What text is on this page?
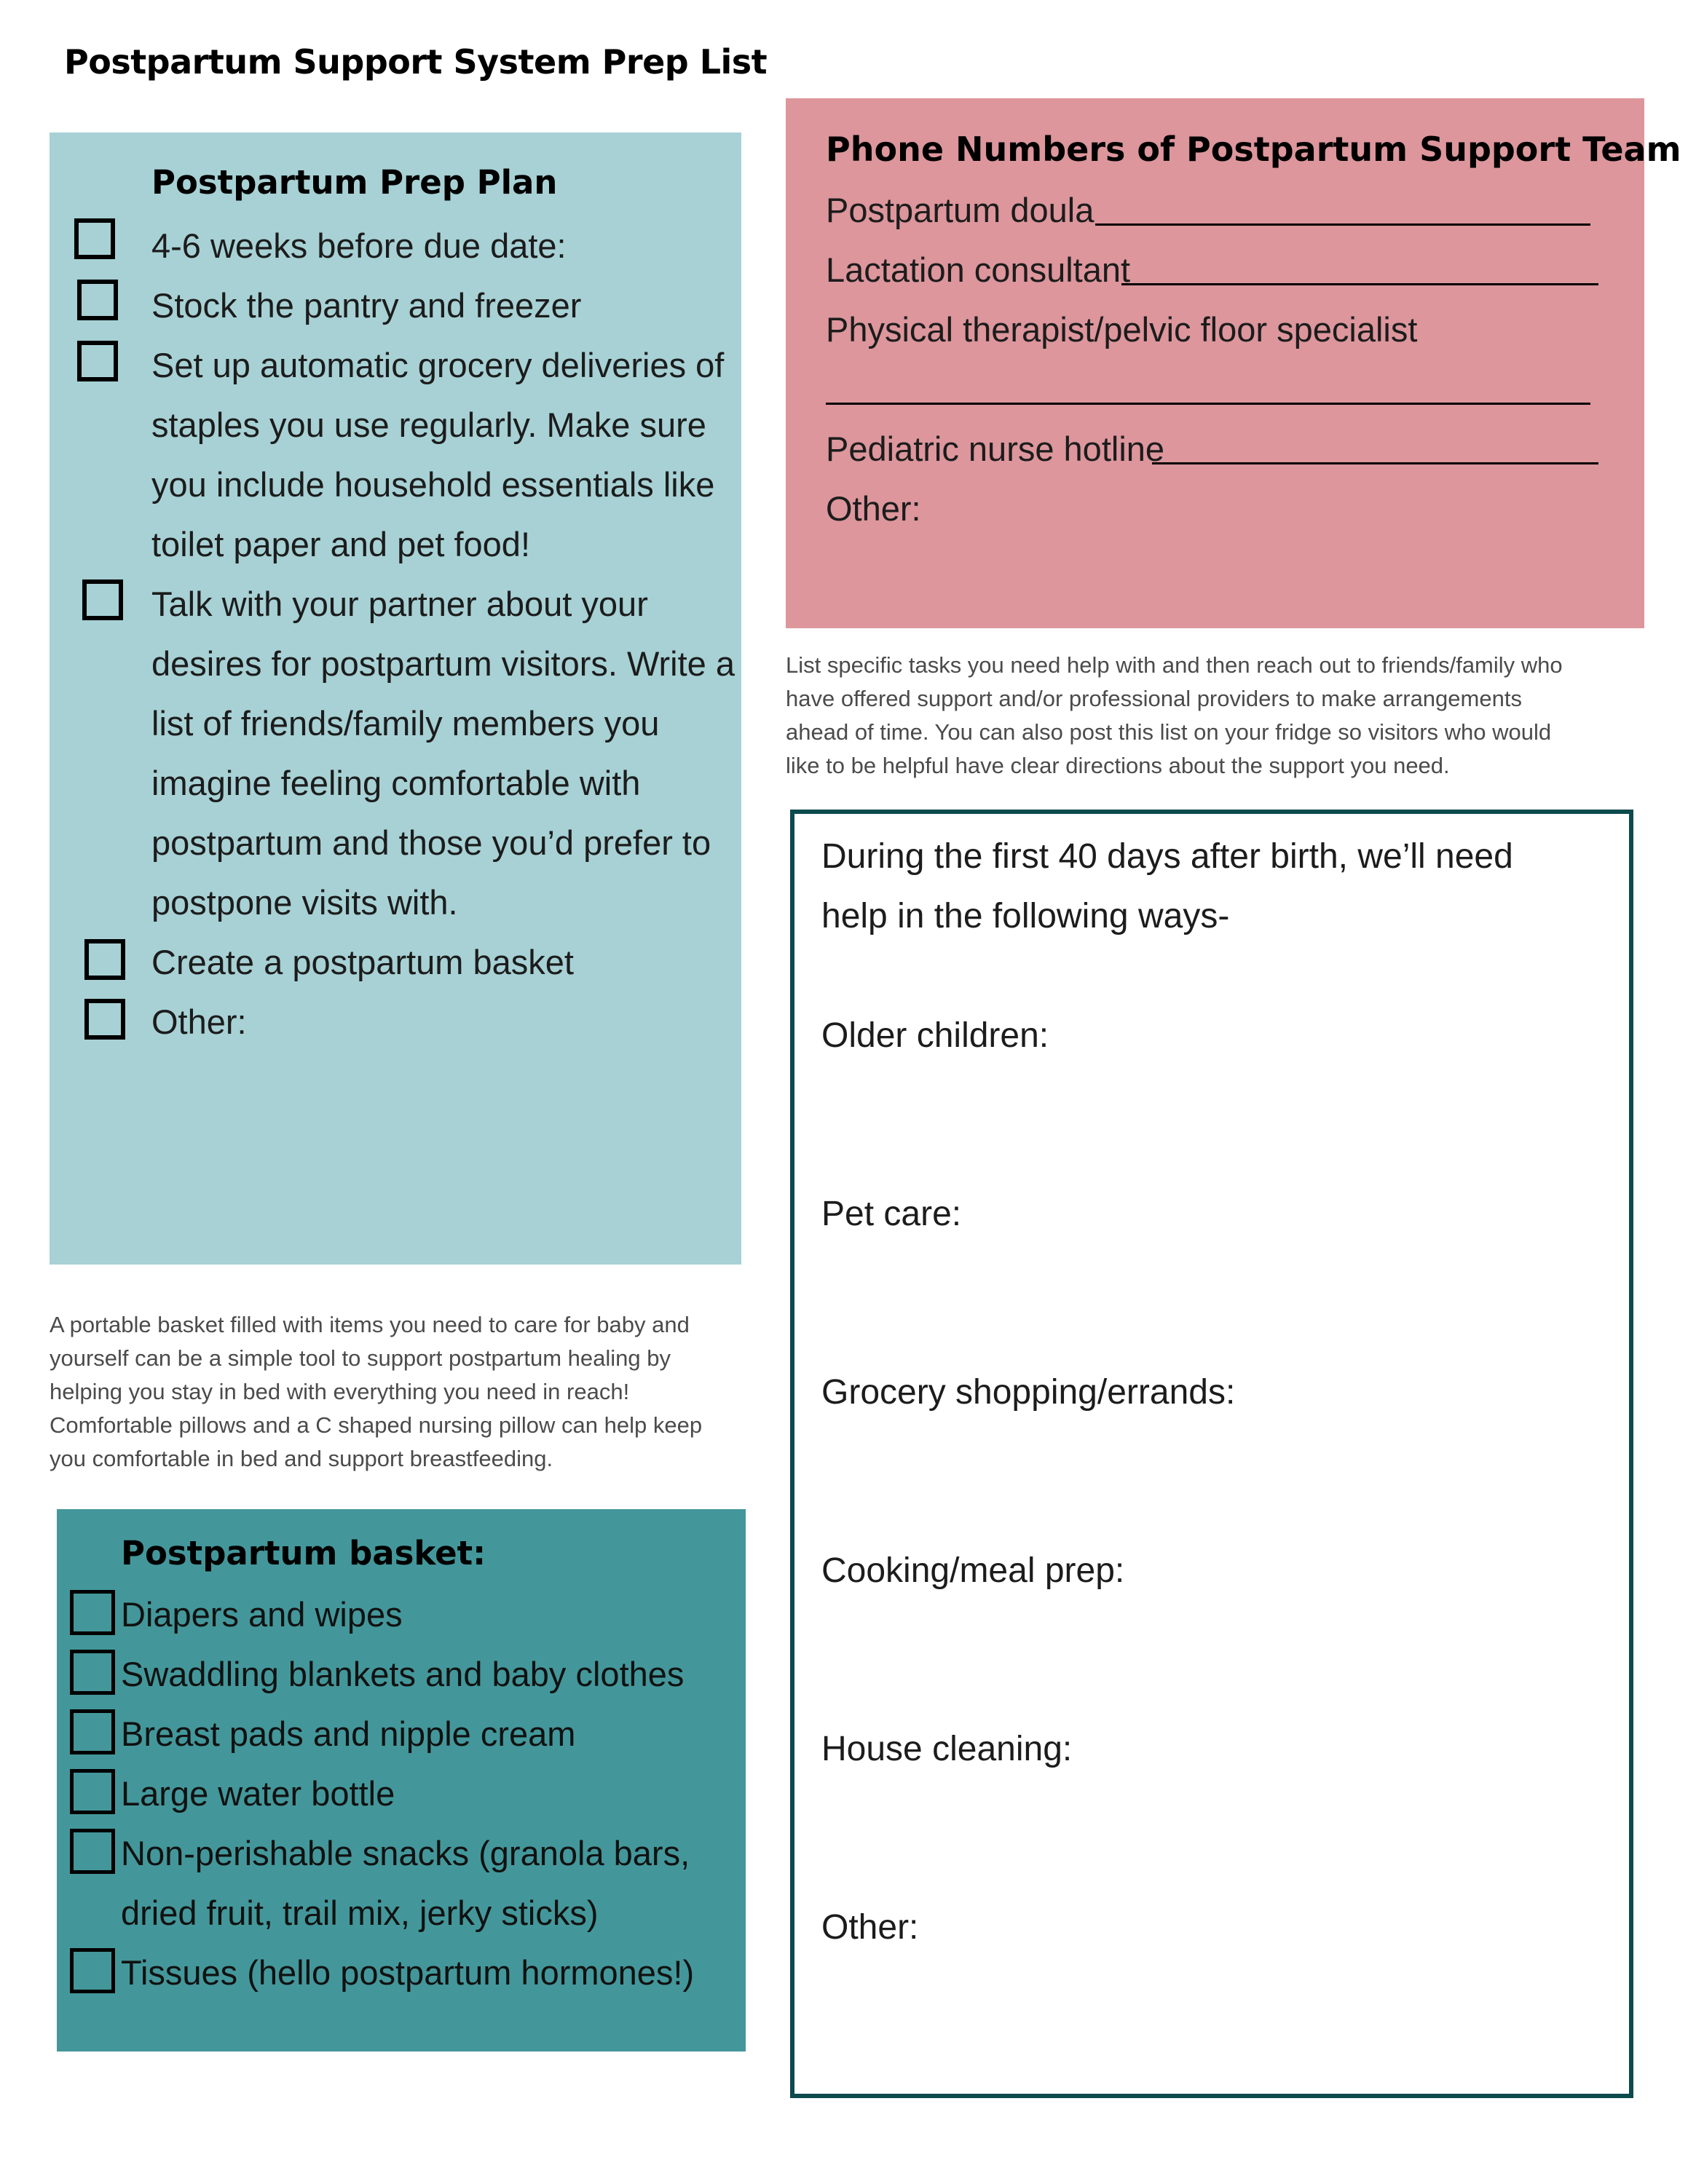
Postpartum Support System Prep List
Postpartum Prep Plan
4-6 weeks before due date:
Stock the pantry and freezer
Set up automatic grocery deliveries of
staples you use regularly. Make sure
you include household essentials like
toilet paper and pet food!
Talk with your partner about your
desires for postpartum visitors. Write a
list of friends/family members you
imagine feeling comfortable with
postpartum and those you’d prefer to
postpone visits with.
Create a postpartum basket
Other:
A portable basket filled with items you need to care for baby and
yourself can be a simple tool to support postpartum healing by
helping you stay in bed with everything you need in reach!
Comfortable pillows and a C shaped nursing pillow can help keep
you comfortable in bed and support breastfeeding.
Postpartum basket:
Diapers and wipes
Swaddling blankets and baby clothes
Breast pads and nipple cream
Large water bottle
Non-perishable snacks (granola bars,
dried fruit, trail mix, jerky sticks)
Tissues (hello postpartum hormones!)
Phone Numbers of Postpartum Support Team
Postpartum doula
Lactation consultant
Physical therapist/pelvic floor specialist
Pediatric nurse hotline
Other:
List specific tasks you need help with and then reach out to friends/family who
have offered support and/or professional providers to make arrangements
ahead of time. You can also post this list on your fridge so visitors who would
like to be helpful have clear directions about the support you need.
During the first 40 days after birth, we’ll need
help in the following ways-
Older children:
Pet care:
Grocery shopping/errands:
Cooking/meal prep:
House cleaning:
Other:
